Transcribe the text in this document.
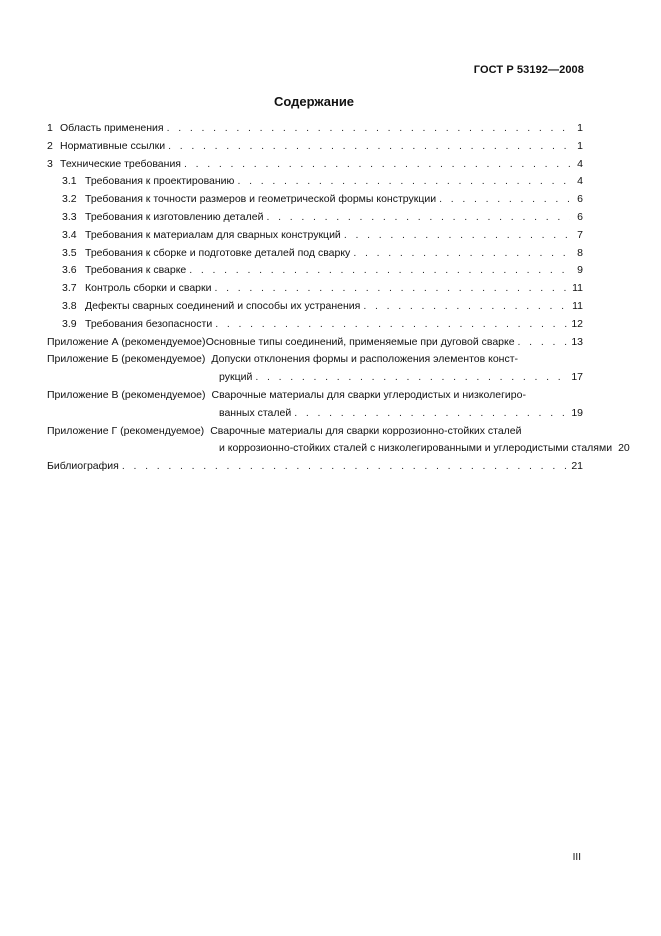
ГОСТ Р 53192—2008
Содержание
1 Область применения . . .	1
2 Нормативные ссылки . . .	1
3 Технические требования . . .	4
3.1 Требования к проектированию . . .	4
3.2 Требования к точности размеров и геометрической формы конструкции . . .	6
3.3 Требования к изготовлению деталей . . .	6
3.4 Требования к материалам для сварных конструкций . . .	7
3.5 Требования к сборке и подготовке деталей под сварку . . .	8
3.6 Требования к сварке . . .	9
3.7 Контроль сборки и сварки . . .	11
3.8 Дефекты сварных соединений и способы их устранения . . .	11
3.9 Требования безопасности . . .	12
Приложение А (рекомендуемое) Основные типы соединений, применяемые при дуговой сварке . . .	13
Приложение Б (рекомендуемое) Допуски отклонения формы и расположения элементов конст-
рукций . . .	17
Приложение В (рекомендуемое) Сварочные материалы для сварки углеродистых и низколегиро-
ванных сталей . . .	19
Приложение Г (рекомендуемое) Сварочные материалы для сварки коррозионно-стойких сталей
и коррозионно-стойких сталей с низколегированными и углеродистыми сталями 20
Библиография . . .	21
III
